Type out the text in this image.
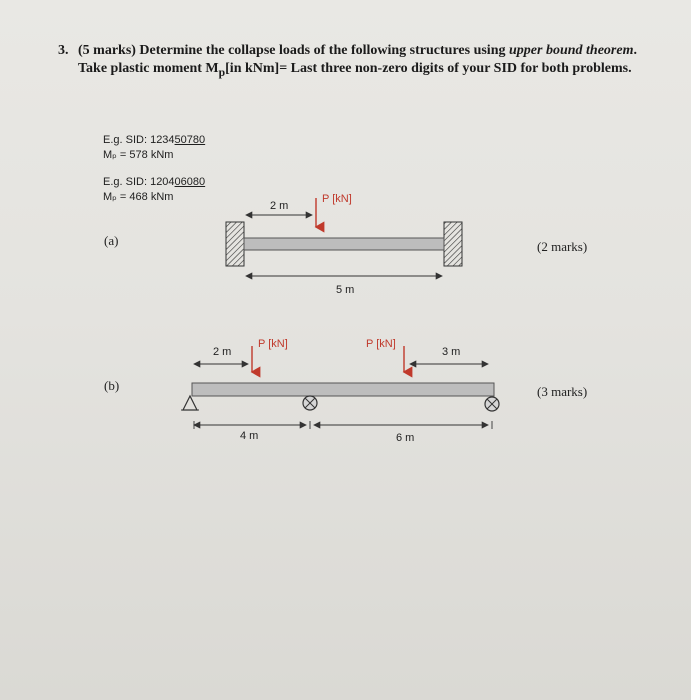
3. (5 marks) Determine the collapse loads of the following structures using upper bound theorem. Take plastic moment $M_p[in$ kNm]= Last three non-zero digits of your SID for both problems.
E.g. SID: 123450780
Mₚ = 578 kNm
E.g. SID: 120406080
Mₚ = 468 kNm
(a)	(2 marks)
(b)	(3 marks)
P [kN]
2 m
5 m
P [kN]	P [kN]
2 m	3 m
4 m	6 m
